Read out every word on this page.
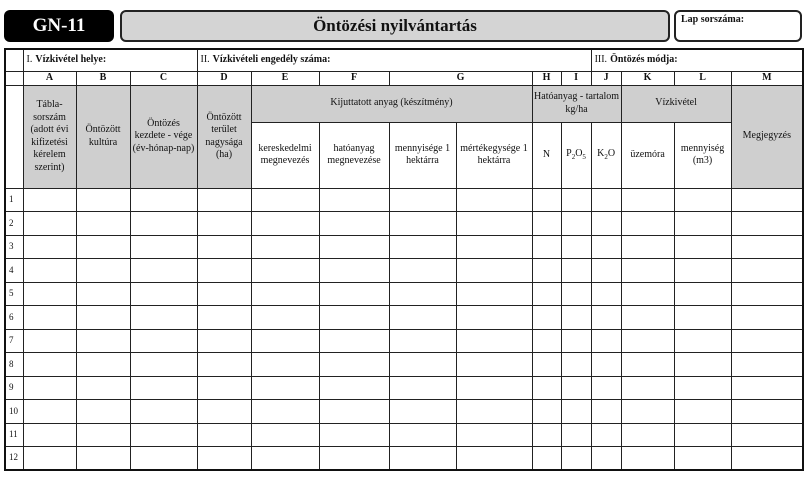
GN-11	Öntözési nyilvántartás	Lap sorszáma:
	I. Vízkivétel helye:			II. Vízkivételi engedély száma:							III. Öntözés módja:			
	A	B	C	D	E	F	G		H	I	J	K	L	M
	Tábla-sorszám (adott évi kifizetési kérelem szerint)	Öntözött kultúra	Öntözés kezdete - vége (év-hónap-nap)	Öntözött terület nagysága (ha)	Kijuttatott anyag (készítmény)				Hatóanyag - tartalom kg/ha			Vízkivétel		Megjegyzés
					kereskedelmi megnevezés	hatóanyag megnevezése	mennyisége 1 hektárra	mértékegysége 1 hektárra	N	$P_2O_5$	$K_2O$	üzemóra	mennyiség (m3)	
1														
2														
3														
4														
5														
6														
7														
8														
9														
10														
11														
12														
